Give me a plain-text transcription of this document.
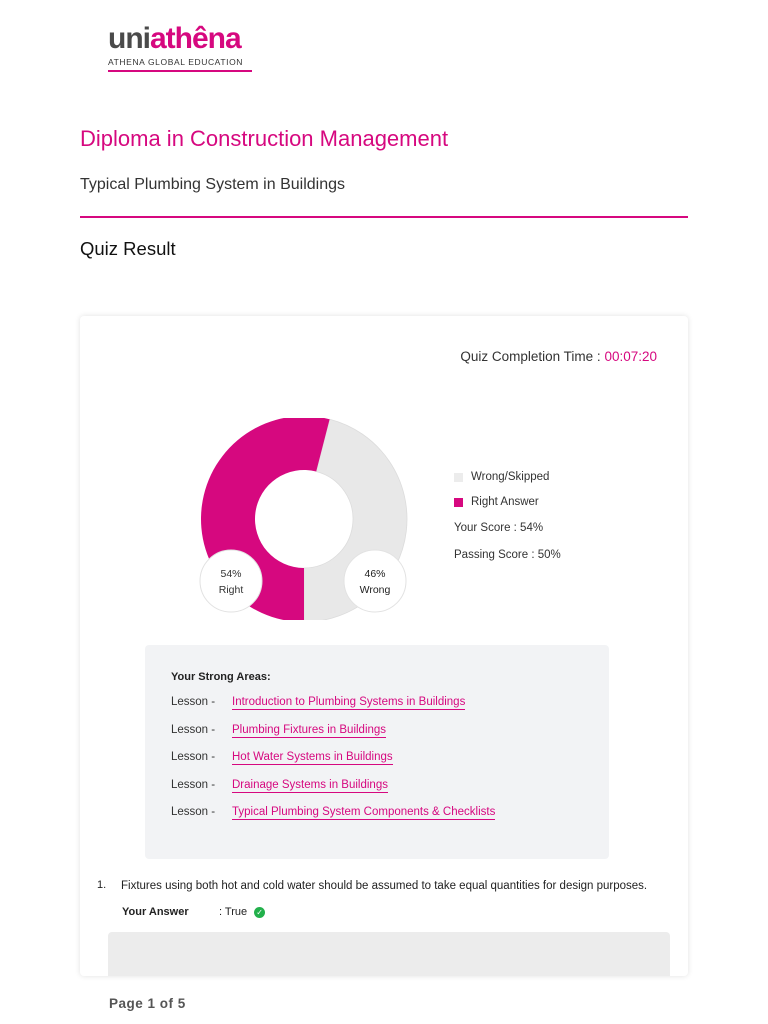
uniathêna
ATHENA GLOBAL EDUCATION
Diploma in Construction Management
Typical Plumbing System in Buildings
Quiz Result
Quiz Completion Time : 00:07:20
54%
Right
46%
Wrong
Wrong/Skipped
Right Answer
Your Score : 54%
Passing Score : 50%
Your Strong Areas:
Lesson -	Introduction to Plumbing Systems in Buildings
Lesson -	Plumbing Fixtures in Buildings
Lesson -	Hot Water Systems in Buildings
Lesson -	Drainage Systems in Buildings
Lesson -	Typical Plumbing System Components & Checklists
1. Fixtures using both hot and cold water should be assumed to take equal quantities for design purposes.
Your Answer	: True ✓
Page 1 of 5
